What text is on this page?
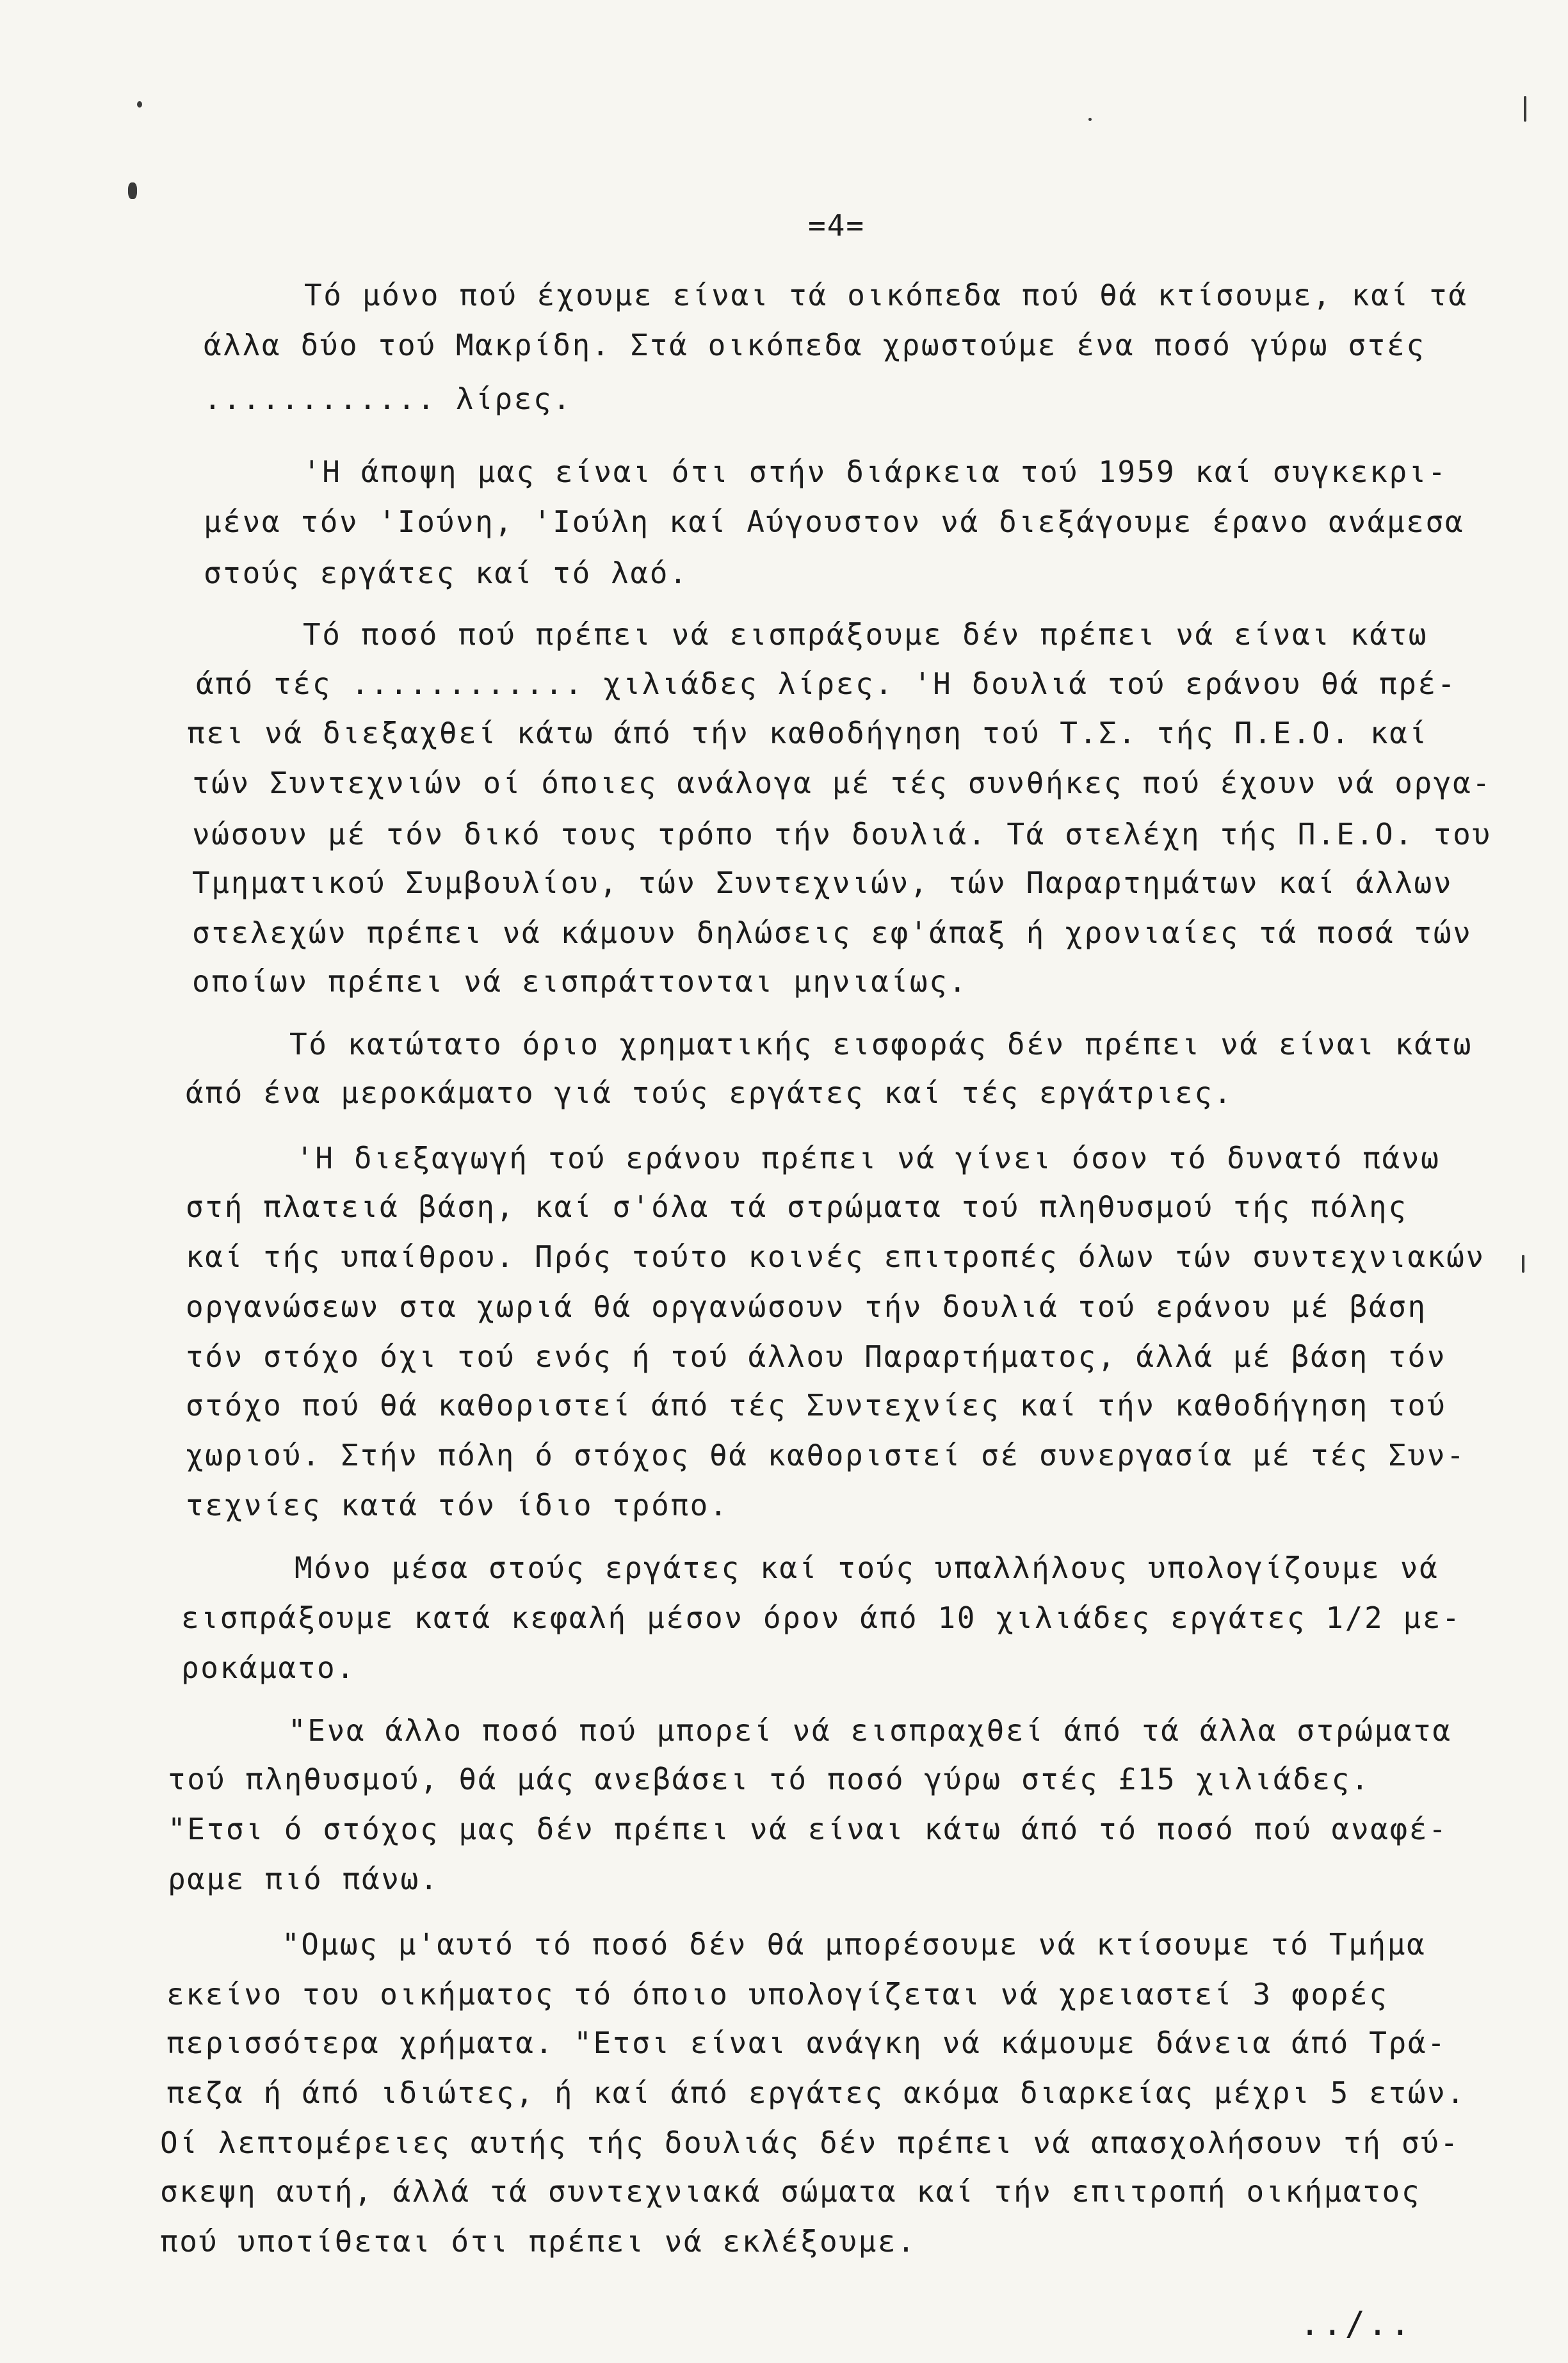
=4=
Τό μόνο πού έχουμε είναι τά οικόπεδα πού θά κτίσουμε, καί τά
άλλα δύο τού Μακρίδη. Στά οικόπεδα χρωστούμε ένα ποσό γύρω στές
............ λίρες.
'Η άποψη μας είναι ότι στήν διάρκεια τού 1959 καί συγκεκρι-
μένα τόν 'Ιούνη, 'Ιούλη καί Αύγουστον νά διεξάγουμε έρανο ανάμεσα
στούς εργάτες καί τό λαό.
Τό ποσό πού πρέπει νά εισπράξουμε δέν πρέπει νά είναι κάτω
άπό τές ............ χιλιάδες λίρες. 'Η δουλιά τού εράνου θά πρέ-
πει νά διεξαχθεί κάτω άπό τήν καθοδήγηση τού Τ.Σ. τής Π.Ε.Ο. καί
τών Συντεχνιών οί όποιες ανάλογα μέ τές συνθήκες πού έχουν νά οργα-
νώσουν μέ τόν δικό τους τρόπο τήν δουλιά. Τά στελέχη τής Π.Ε.Ο. του
Τμηματικού Συμβουλίου, τών Συντεχνιών, τών Παραρτημάτων καί άλλων
στελεχών πρέπει νά κάμουν δηλώσεις εφ'άπαξ ή χρονιαίες τά ποσά τών
οποίων πρέπει νά εισπράττονται μηνιαίως.
Τό κατώτατο όριο χρηματικής εισφοράς δέν πρέπει νά είναι κάτω
άπό ένα μεροκάματο γιά τούς εργάτες καί τές εργάτριες.
'Η διεξαγωγή τού εράνου πρέπει νά γίνει όσον τό δυνατό πάνω
στή πλατειά βάση, καί σ'όλα τά στρώματα τού πληθυσμού τής πόλης
καί τής υπαίθρου. Πρός τούτο κοινές επιτροπές όλων τών συντεχνιακών
οργανώσεων στα χωριά θά οργανώσουν τήν δουλιά τού εράνου μέ βάση
τόν στόχο όχι τού ενός ή τού άλλου Παραρτήματος, άλλά μέ βάση τόν
στόχο πού θά καθοριστεί άπό τές Συντεχνίες καί τήν καθοδήγηση τού
χωριού. Στήν πόλη ό στόχος θά καθοριστεί σέ συνεργασία μέ τές Συν-
τεχνίες κατά τόν ίδιο τρόπο.
Μόνο μέσα στούς εργάτες καί τούς υπαλλήλους υπολογίζουμε νά
εισπράξουμε κατά κεφαλή μέσον όρον άπό 10 χιλιάδες εργάτες 1/2 με-
ροκάματο.
"Ενα άλλο ποσό πού μπορεί νά εισπραχθεί άπό τά άλλα στρώματα
τού πληθυσμού, θά μάς ανεβάσει τό ποσό γύρω στές £15 χιλιάδες.
"Ετσι ό στόχος μας δέν πρέπει νά είναι κάτω άπό τό ποσό πού αναφέ-
ραμε πιό πάνω.
"Ομως μ'αυτό τό ποσό δέν θά μπορέσουμε νά κτίσουμε τό Τμήμα
εκείνο του οικήματος τό όποιο υπολογίζεται νά χρειαστεί 3 φορές
περισσότερα χρήματα. "Ετσι είναι ανάγκη νά κάμουμε δάνεια άπό Τρά-
πεζα ή άπό ιδιώτες, ή καί άπό εργάτες ακόμα διαρκείας μέχρι 5 ετών.
Οί λεπτομέρειες αυτής τής δουλιάς δέν πρέπει νά απασχολήσουν τή σύ-
σκεψη αυτή, άλλά τά συντεχνιακά σώματα καί τήν επιτροπή οικήματος
πού υποτίθεται ότι πρέπει νά εκλέξουμε.
../..
